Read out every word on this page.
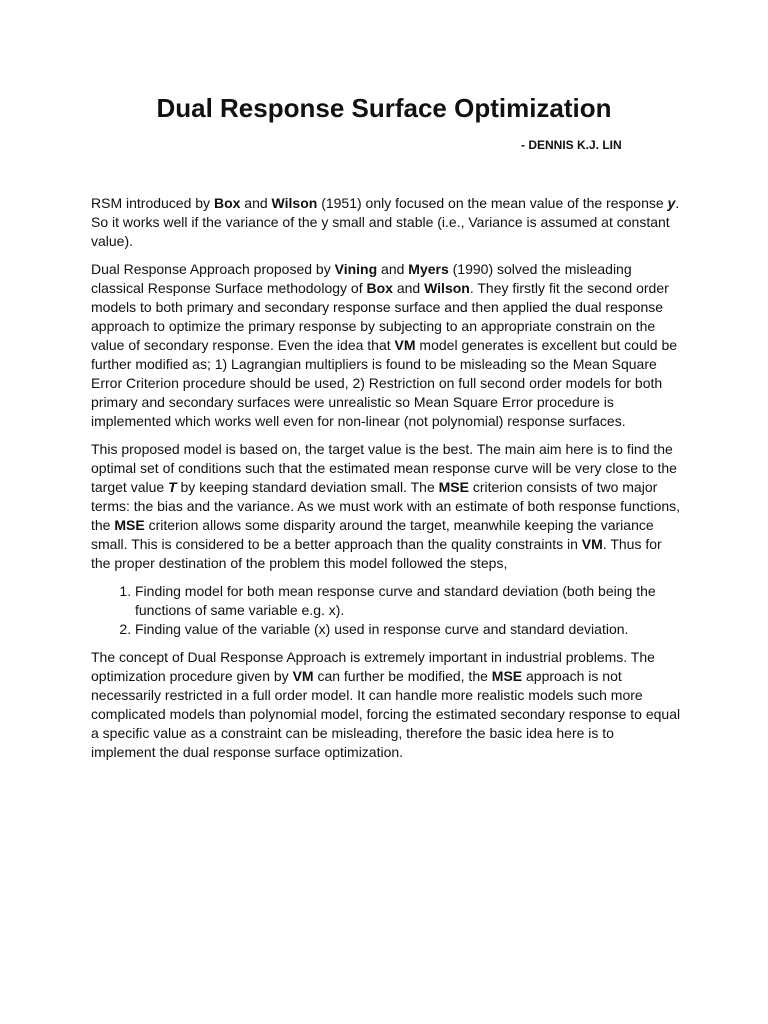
Dual Response Surface Optimization
- DENNIS K.J. LIN

RSM introduced by Box and Wilson (1951) only focused on the mean value of the response y. So it works well if the variance of the y small and stable (i.e., Variance is assumed at constant value).

Dual Response Approach proposed by Vining and Myers (1990) solved the misleading classical Response Surface methodology of Box and Wilson. They firstly fit the second order models to both primary and secondary response surface and then applied the dual response approach to optimize the primary response by subjecting to an appropriate constrain on the value of secondary response. Even the idea that VM model generates is excellent but could be further modified as; 1) Lagrangian multipliers is found to be misleading so the Mean Square Error Criterion procedure should be used, 2) Restriction on full second order models for both primary and secondary surfaces were unrealistic so Mean Square Error procedure is implemented which works well even for non-linear (not polynomial) response surfaces.

This proposed model is based on, the target value is the best. The main aim here is to find the optimal set of conditions such that the estimated mean response curve will be very close to the target value T by keeping standard deviation small. The MSE criterion consists of two major terms: the bias and the variance. As we must work with an estimate of both response functions, the MSE criterion allows some disparity around the target, meanwhile keeping the variance small. This is considered to be a better approach than the quality constraints in VM. Thus for the proper destination of the problem this model followed the steps,

1. Finding model for both mean response curve and standard deviation (both being the functions of same variable e.g. x).
2. Finding value of the variable (x) used in response curve and standard deviation.

The concept of Dual Response Approach is extremely important in industrial problems. The optimization procedure given by VM can further be modified, the MSE approach is not necessarily restricted in a full order model. It can handle more realistic models such more complicated models than polynomial model, forcing the estimated secondary response to equal a specific value as a constraint can be misleading, therefore the basic idea here is to implement the dual response surface optimization.
